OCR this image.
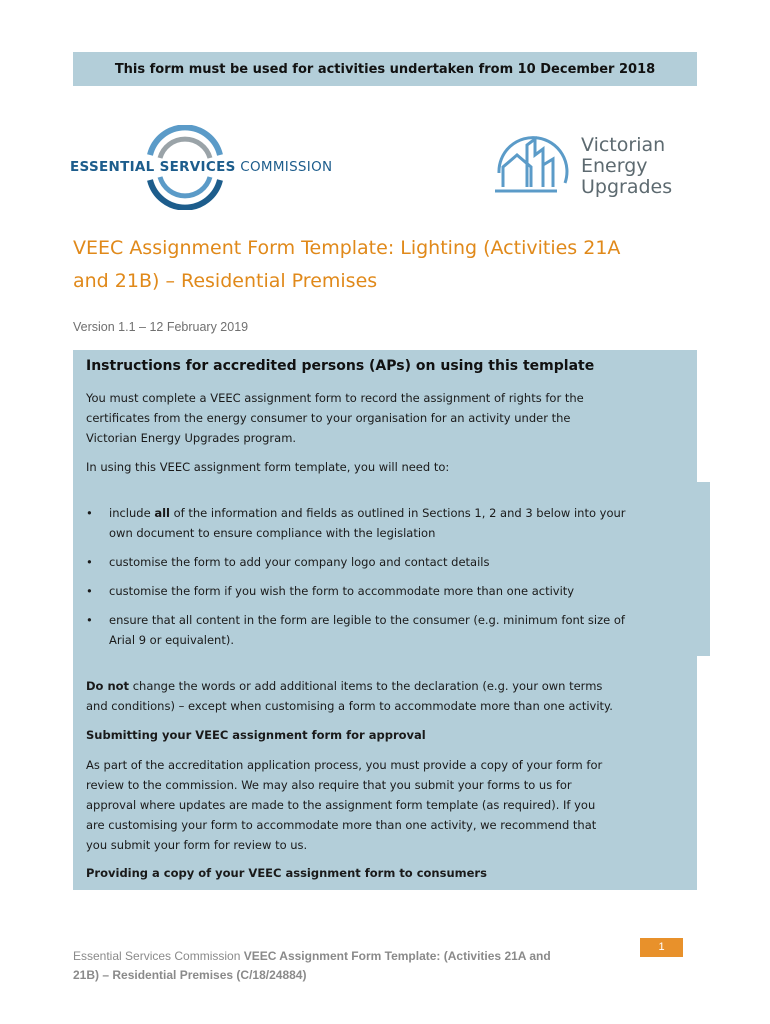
This form must be used for activities undertaken from 10 December 2018
ESSENTIAL SERVICES COMMISSION
Victorian
Energy
Upgrades
VEEC Assignment Form Template: Lighting (Activities 21A
and 21B) – Residential Premises
Version 1.1 – 12 February 2019
Instructions for accredited persons (APs) on using this template
You must complete a VEEC assignment form to record the assignment of rights for the
certificates from the energy consumer to your organisation for an activity under the
Victorian Energy Upgrades program.
In using this VEEC assignment form template, you will need to:
• include all of the information and fields as outlined in Sections 1, 2 and 3 below into your
own document to ensure compliance with the legislation
• customise the form to add your company logo and contact details
• customise the form if you wish the form to accommodate more than one activity
• ensure that all content in the form are legible to the consumer (e.g. minimum font size of
Arial 9 or equivalent).
Do not change the words or add additional items to the declaration (e.g. your own terms
and conditions) – except when customising a form to accommodate more than one activity.
Submitting your VEEC assignment form for approval
As part of the accreditation application process, you must provide a copy of your form for
review to the commission. We may also require that you submit your forms to us for
approval where updates are made to the assignment form template (as required). If you
are customising your form to accommodate more than one activity, we recommend that
you submit your form for review to us.
Providing a copy of your VEEC assignment form to consumers
Essential Services Commission VEEC Assignment Form Template: (Activities 21A and
21B) – Residential Premises (C/18/24884)
1
